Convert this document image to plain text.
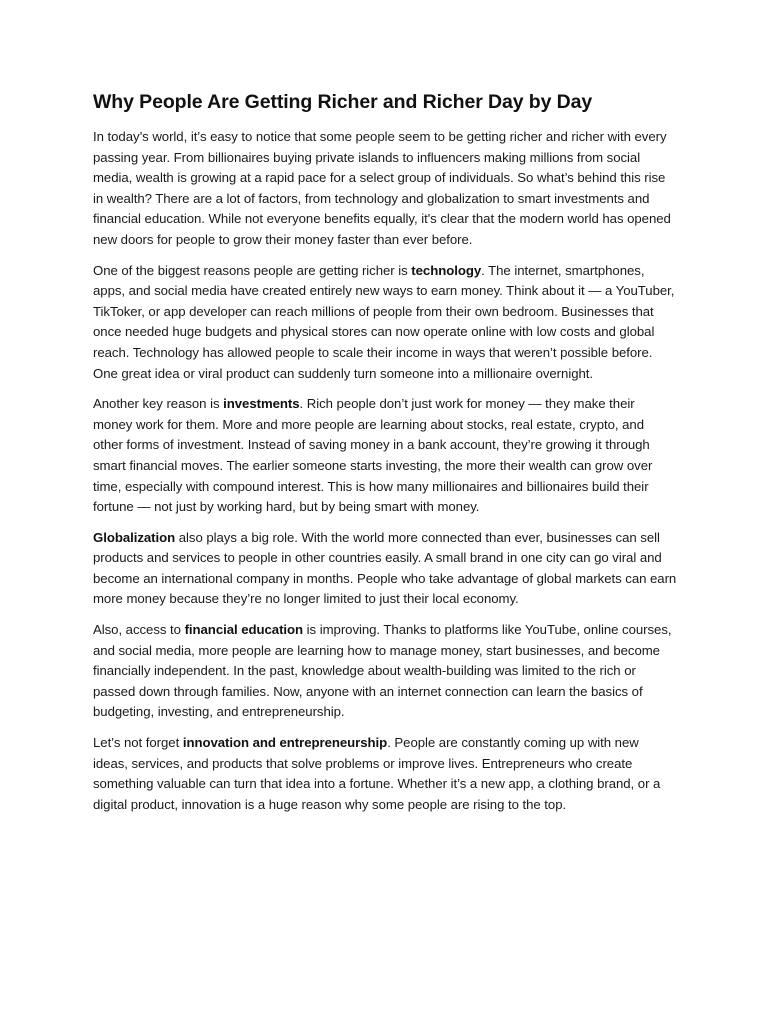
Why People Are Getting Richer and Richer Day by Day

In today’s world, it’s easy to notice that some people seem to be getting richer and richer with every passing year. From billionaires buying private islands to influencers making millions from social media, wealth is growing at a rapid pace for a select group of individuals. So what’s behind this rise in wealth? There are a lot of factors, from technology and globalization to smart investments and financial education. While not everyone benefits equally, it's clear that the modern world has opened new doors for people to grow their money faster than ever before.

One of the biggest reasons people are getting richer is technology. The internet, smartphones, apps, and social media have created entirely new ways to earn money. Think about it — a YouTuber, TikToker, or app developer can reach millions of people from their own bedroom. Businesses that once needed huge budgets and physical stores can now operate online with low costs and global reach. Technology has allowed people to scale their income in ways that weren’t possible before. One great idea or viral product can suddenly turn someone into a millionaire overnight.

Another key reason is investments. Rich people don’t just work for money — they make their money work for them. More and more people are learning about stocks, real estate, crypto, and other forms of investment. Instead of saving money in a bank account, they’re growing it through smart financial moves. The earlier someone starts investing, the more their wealth can grow over time, especially with compound interest. This is how many millionaires and billionaires build their fortune — not just by working hard, but by being smart with money.

Globalization also plays a big role. With the world more connected than ever, businesses can sell products and services to people in other countries easily. A small brand in one city can go viral and become an international company in months. People who take advantage of global markets can earn more money because they’re no longer limited to just their local economy.

Also, access to financial education is improving. Thanks to platforms like YouTube, online courses, and social media, more people are learning how to manage money, start businesses, and become financially independent. In the past, knowledge about wealth-building was limited to the rich or passed down through families. Now, anyone with an internet connection can learn the basics of budgeting, investing, and entrepreneurship.

Let’s not forget innovation and entrepreneurship. People are constantly coming up with new ideas, services, and products that solve problems or improve lives. Entrepreneurs who create something valuable can turn that idea into a fortune. Whether it’s a new app, a clothing brand, or a digital product, innovation is a huge reason why some people are rising to the top.
